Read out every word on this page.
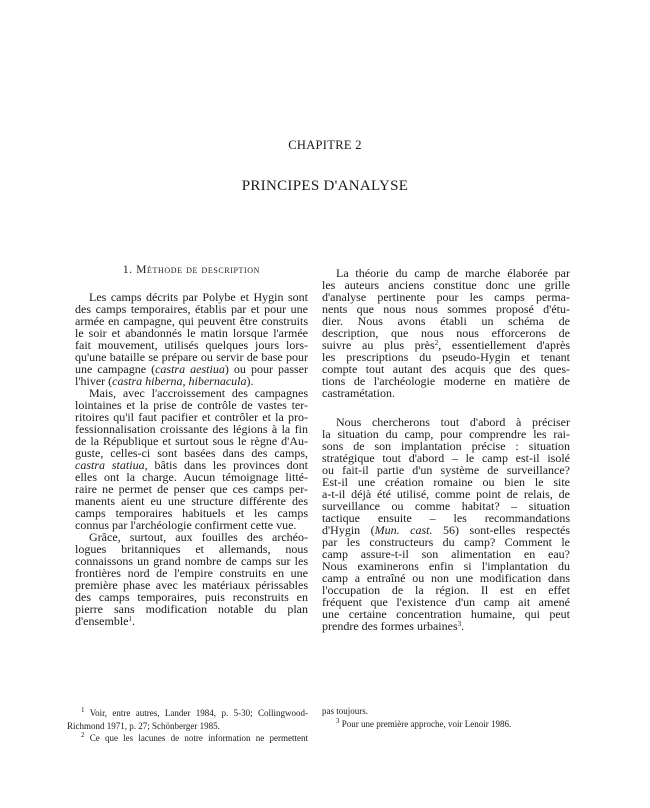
CHAPITRE 2
PRINCIPES D'ANALYSE
1. Méthode de description
Les camps décrits par Polybe et Hygin sont
des camps temporaires, établis par et pour une
armée en campagne, qui peuvent être construits
le soir et abandonnés le matin lorsque l'armée
fait mouvement, utilisés quelques jours lors-
qu'une bataille se prépare ou servir de base pour
une campagne (castra aestiua) ou pour passer
l'hiver (castra hiberna, hibernacula).
Mais, avec l'accroissement des campagnes
lointaines et la prise de contrôle de vastes ter-
ritoires qu'il faut pacifier et contrôler et la pro-
fessionnalisation croissante des légions à la fin
de la République et surtout sous le règne d'Au-
guste, celles-ci sont basées dans des camps,
castra statiua, bâtis dans les provinces dont
elles ont la charge. Aucun témoignage litté-
raire ne permet de penser que ces camps per-
manents aient eu une structure différente des
camps temporaires habituels et les camps
connus par l'archéologie confirment cette vue.
Grâce, surtout, aux fouilles des archéo-
logues britanniques et allemands, nous
connaissons un grand nombre de camps sur les
frontières nord de l'empire construits en une
première phase avec les matériaux périssables
des camps temporaires, puis reconstruits en
pierre sans modification notable du plan
d'ensemble$^1$.
La théorie du camp de marche élaborée par
les auteurs anciens constitue donc une grille
d'analyse pertinente pour les camps perma-
nents que nous nous sommes proposé d'étu-
dier. Nous avons établi un schéma de
description, que nous nous efforcerons de
suivre au plus près$^2$, essentiellement d'après
les prescriptions du pseudo-Hygin et tenant
compte tout autant des acquis que des ques-
tions de l'archéologie moderne en matière de
castramétation.
Nous chercherons tout d'abord à préciser
la situation du camp, pour comprendre les rai-
sons de son implantation précise : situation
stratégique tout d'abord – le camp est-il isolé
ou fait-il partie d'un système de surveillance?
Est-il une création romaine ou bien le site
a-t-il déjà été utilisé, comme point de relais, de
surveillance ou comme habitat? – situation
tactique ensuite – les recommandations
d'Hygin (Mun. cast. 56) sont-elles respectés
par les constructeurs du camp? Comment le
camp assure-t-il son alimentation en eau?
Nous examinerons enfin si l'implantation du
camp a entraîné ou non une modification dans
l'occupation de la région. Il est en effet
fréquent que l'existence d'un camp ait amené
une certaine concentration humaine, qui peut
prendre des formes urbaines$^3$.
$^1$ Voir, entre autres, Lander 1984, p. 5-30; Collingwood-
Richmond 1971, p. 27; Schönberger 1985.
$^2$ Ce que les lacunes de notre information ne permettent
pas toujours.
$^3$ Pour une première approche, voir Lenoir 1986.
